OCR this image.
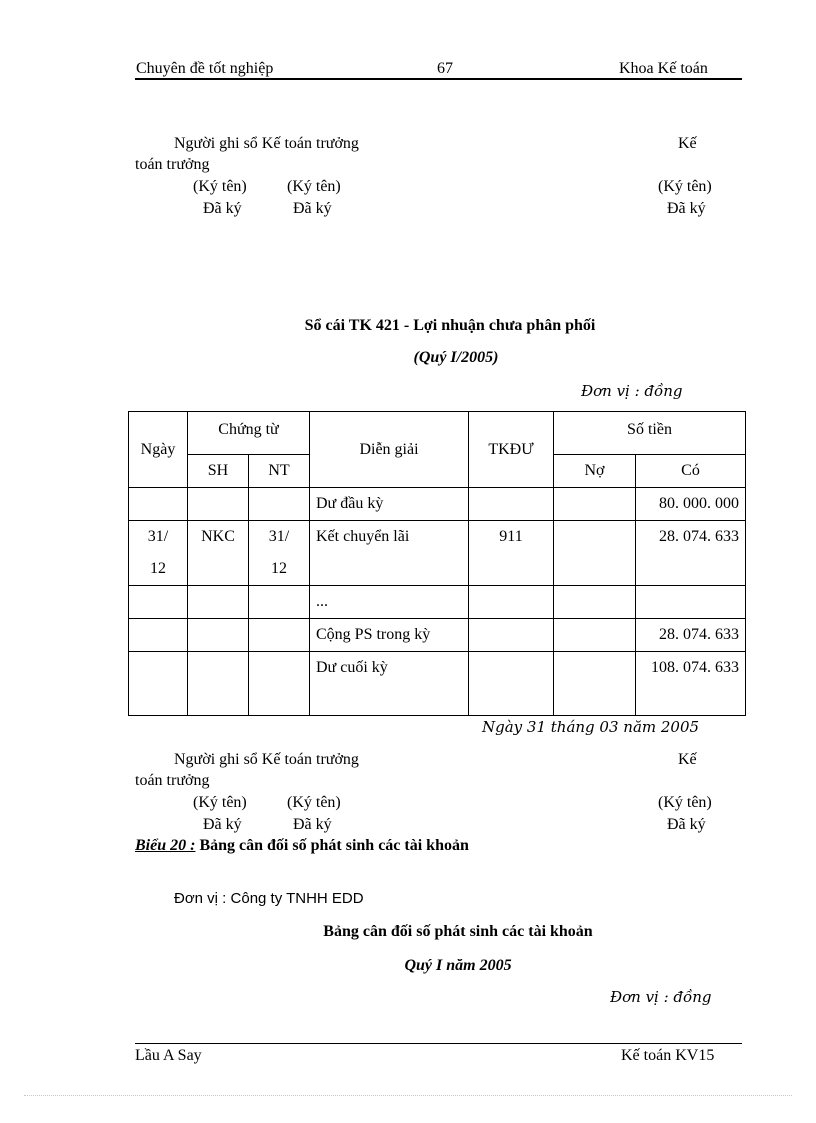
Chuyên đề tốt nghiệp	67	Khoa Kế toán
Người ghi sổ Kế toán trưởng	Kế
toán trưởng
(Ký tên)	(Ký tên)	(Ký tên)
Đã ký	Đã ký	Đã ký
Sổ cái TK 421 - Lợi nhuận chưa phân phối
(Quý I/2005)
Đơn vị : đồng
Ngày	Chứng từ		Diễn giải	TKĐƯ	Số tiền	
	SH	NT			Nợ	Có
			Dư đầu kỳ			80. 000. 000
31/ 12	NKC	31/ 12	Kết chuyển lãi	911		28. 074. 633
			...			
			Cộng PS trong kỳ			28. 074. 633
			Dư cuối kỳ			108. 074. 633
Ngày 31 tháng 03 năm 2005
Người ghi sổ Kế toán trưởng	Kế
toán trưởng
(Ký tên)	(Ký tên)	(Ký tên)
Đã ký	Đã ký	Đã ký
Biểu 20 : Bảng cân đối số phát sinh các tài khoản
Đơn vị : Công ty TNHH EDD
Bảng cân đối số phát sinh các tài khoản
Quý I năm 2005
Đơn vị : đồng
Lầu A Say	Kế toán KV15
